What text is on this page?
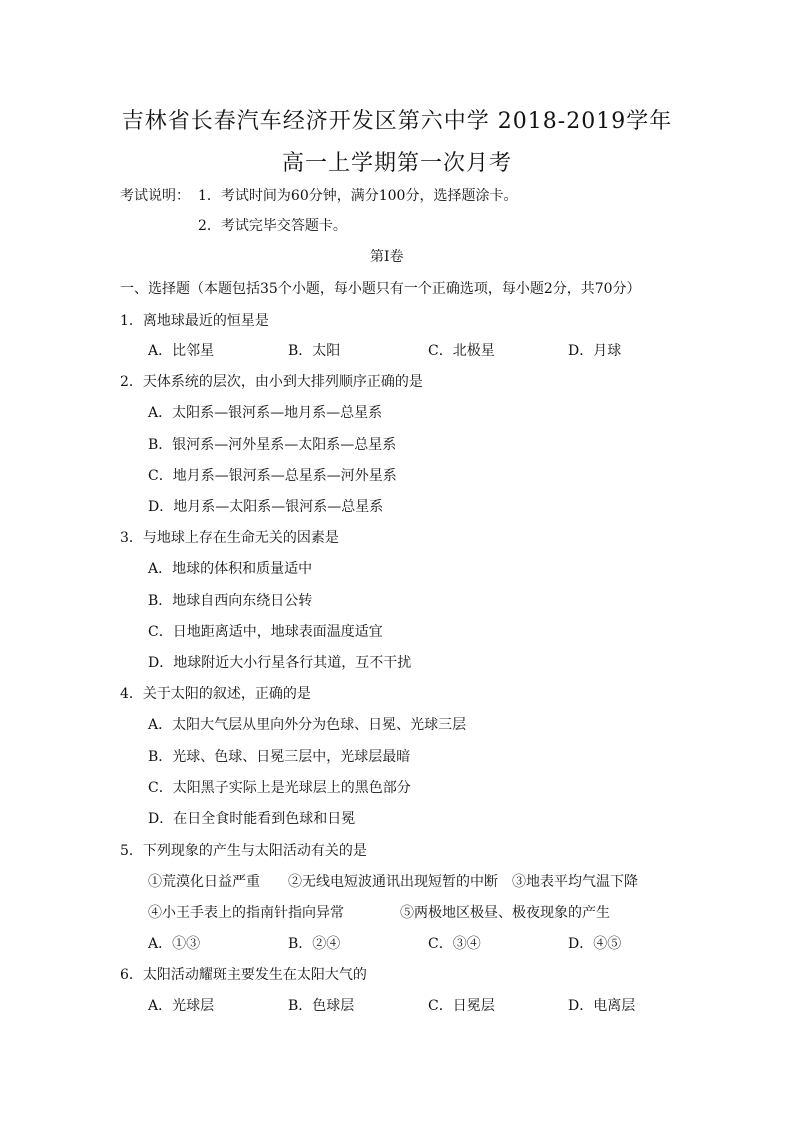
吉林省长春汽车经济开发区第六中学 2018-2019学年
高一上学期第一次月考
考试说明： 1．考试时间为60分钟，满分100分，选择题涂卡。
2．考试完毕交答题卡。
第Ⅰ卷
一、选择题（本题包括35个小题，每小题只有一个正确选项，每小题2分，共70分）
1．离地球最近的恒星是
A．比邻星	B．太阳	C．北极星	D．月球
2．天体系统的层次，由小到大排列顺序正确的是
A．太阳系—银河系—地月系—总星系
B．银河系—河外星系—太阳系—总星系
C．地月系—银河系—总星系—河外星系
D．地月系—太阳系—银河系—总星系
3．与地球上存在生命无关的因素是
A．地球的体积和质量适中
B．地球自西向东绕日公转
C．日地距离适中，地球表面温度适宜
D．地球附近大小行星各行其道，互不干扰
4．关于太阳的叙述，正确的是
A．太阳大气层从里向外分为色球、日冕、光球三层
B．光球、色球、日冕三层中，光球层最暗
C．太阳黑子实际上是光球层上的黑色部分
D．在日全食时能看到色球和日冕
5．下列现象的产生与太阳活动有关的是
①荒漠化日益严重 ②无线电短波通讯出现短暂的中断 ③地表平均气温下降
④小王手表上的指南针指向异常	⑤两极地区极昼、极夜现象的产生
A．①③	B．②④	C．③④	D．④⑤
6．太阳活动耀斑主要发生在太阳大气的
A．光球层	B．色球层	C．日冕层	D．电离层
